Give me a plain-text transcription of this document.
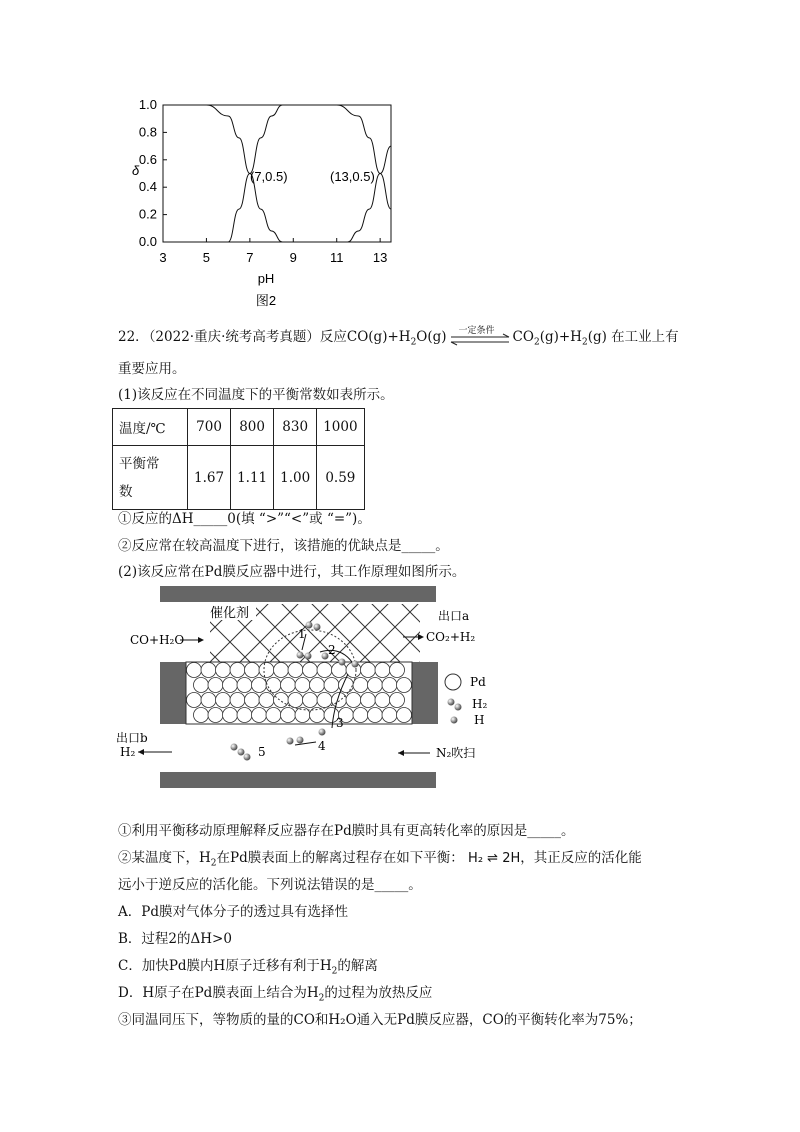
1.0
0.8
0.6
0.4
0.2
0.0
3	5	7	9	11 13
δ
pH
(7,0.5)	(13,0.5)
图2
22．（2022·重庆·统考高考真题）反应$CO(g)+H_2O(g)$ 一定条件 $CO_2(g)+H_2(g)$ 在工业上有
重要应用。
(1)该反应在不同温度下的平衡常数如表所示。
温度/℃	700	800	830	1000
平衡常
数	1.67	1.11	1.00	0.59
①反应的ΔH_____0(填 “>”“<”或 “=”)。
②反应常在较高温度下进行，该措施的优缺点是_____。
(2)该反应常在Pd膜反应器中进行，其工作原理如图所示。
催化剂
1
2
3
4
5
CO+H₂O
出口a
CO₂+H₂
出口b
H₂	N₂吹扫
Pd
H₂
H
①利用平衡移动原理解释反应器存在Pd膜时具有更高转化率的原因是_____。
②某温度下，$H_2$在Pd膜表面上的解离过程存在如下平衡： H₂ ⇌ 2H，其正反应的活化能
远小于逆反应的活化能。下列说法错误的是_____。
A．Pd膜对气体分子的透过具有选择性
B．过程2的ΔH>0
C．加快Pd膜内H原子迁移有利于$H_2$的解离
D．H原子在Pd膜表面上结合为$H_2$的过程为放热反应
③同温同压下，等物质的量的CO和H₂O通入无Pd膜反应器，CO的平衡转化率为75%；
